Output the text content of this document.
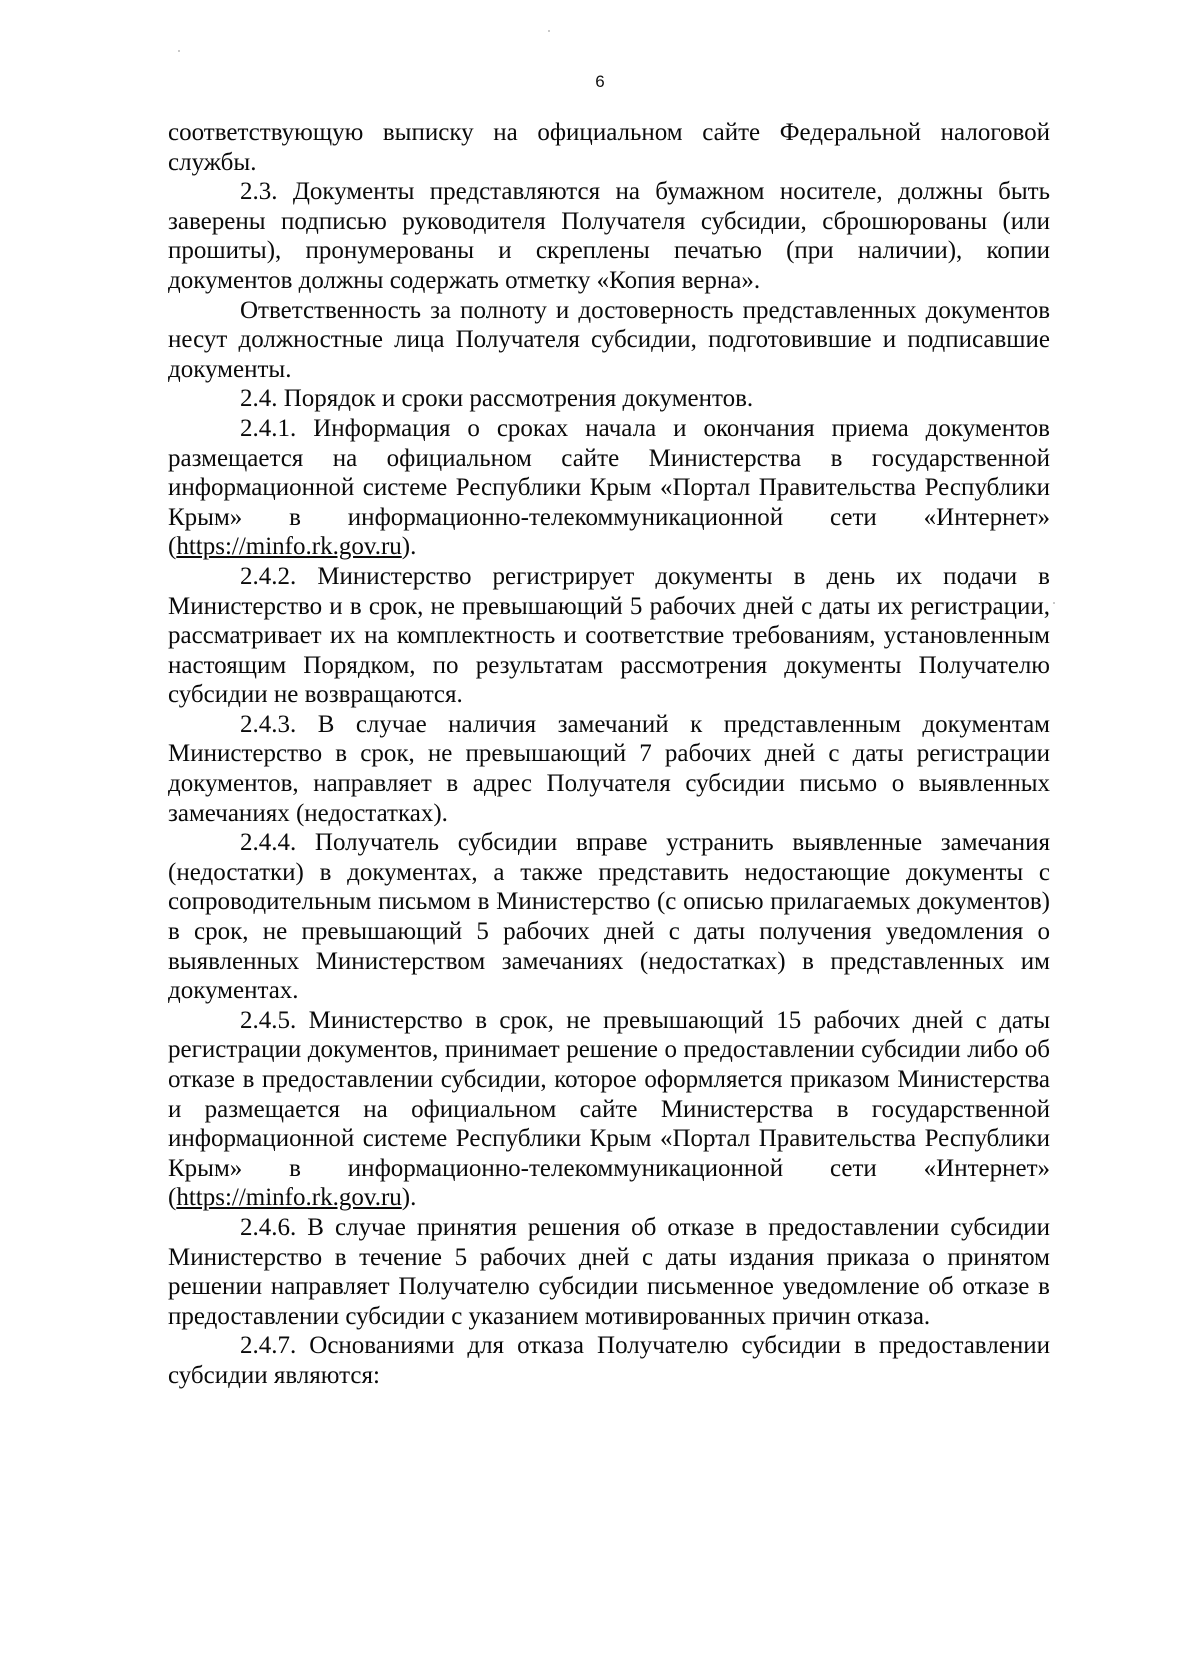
6

соответствующую выписку на официальном сайте Федеральной налоговой службы.

2.3. Документы представляются на бумажном носителе, должны быть заверены подписью руководителя Получателя субсидии, сброшюрованы (или прошиты), пронумерованы и скреплены печатью (при наличии), копии документов должны содержать отметку «Копия верна».

Ответственность за полноту и достоверность представленных документов несут должностные лица Получателя субсидии, подготовившие и подписавшие документы.

2.4. Порядок и сроки рассмотрения документов.

2.4.1. Информация о сроках начала и окончания приема документов размещается на официальном сайте Министерства в государственной информационной системе Республики Крым «Портал Правительства Республики Крым» в информационно-телекоммуникационной сети «Интернет» (https://minfo.rk.gov.ru).

2.4.2. Министерство регистрирует документы в день их подачи в Министерство и в срок, не превышающий 5 рабочих дней с даты их регистрации, рассматривает их на комплектность и соответствие требованиям, установленным настоящим Порядком, по результатам рассмотрения документы Получателю субсидии не возвращаются.

2.4.3. В случае наличия замечаний к представленным документам Министерство в срок, не превышающий 7 рабочих дней с даты регистрации документов, направляет в адрес Получателя субсидии письмо о выявленных замечаниях (недостатках).

2.4.4. Получатель субсидии вправе устранить выявленные замечания (недостатки) в документах, а также представить недостающие документы с сопроводительным письмом в Министерство (с описью прилагаемых документов) в срок, не превышающий 5 рабочих дней с даты получения уведомления о выявленных Министерством замечаниях (недостатках) в представленных им документах.

2.4.5. Министерство в срок, не превышающий 15 рабочих дней с даты регистрации документов, принимает решение о предоставлении субсидии либо об отказе в предоставлении субсидии, которое оформляется приказом Министерства и размещается на официальном сайте Министерства в государственной информационной системе Республики Крым «Портал Правительства Республики Крым» в информационно-телекоммуникационной сети «Интернет» (https://minfo.rk.gov.ru).

2.4.6. В случае принятия решения об отказе в предоставлении субсидии Министерство в течение 5 рабочих дней с даты издания приказа о принятом решении направляет Получателю субсидии письменное уведомление об отказе в предоставлении субсидии с указанием мотивированных причин отказа.

2.4.7. Основаниями для отказа Получателю субсидии в предоставлении субсидии являются:
